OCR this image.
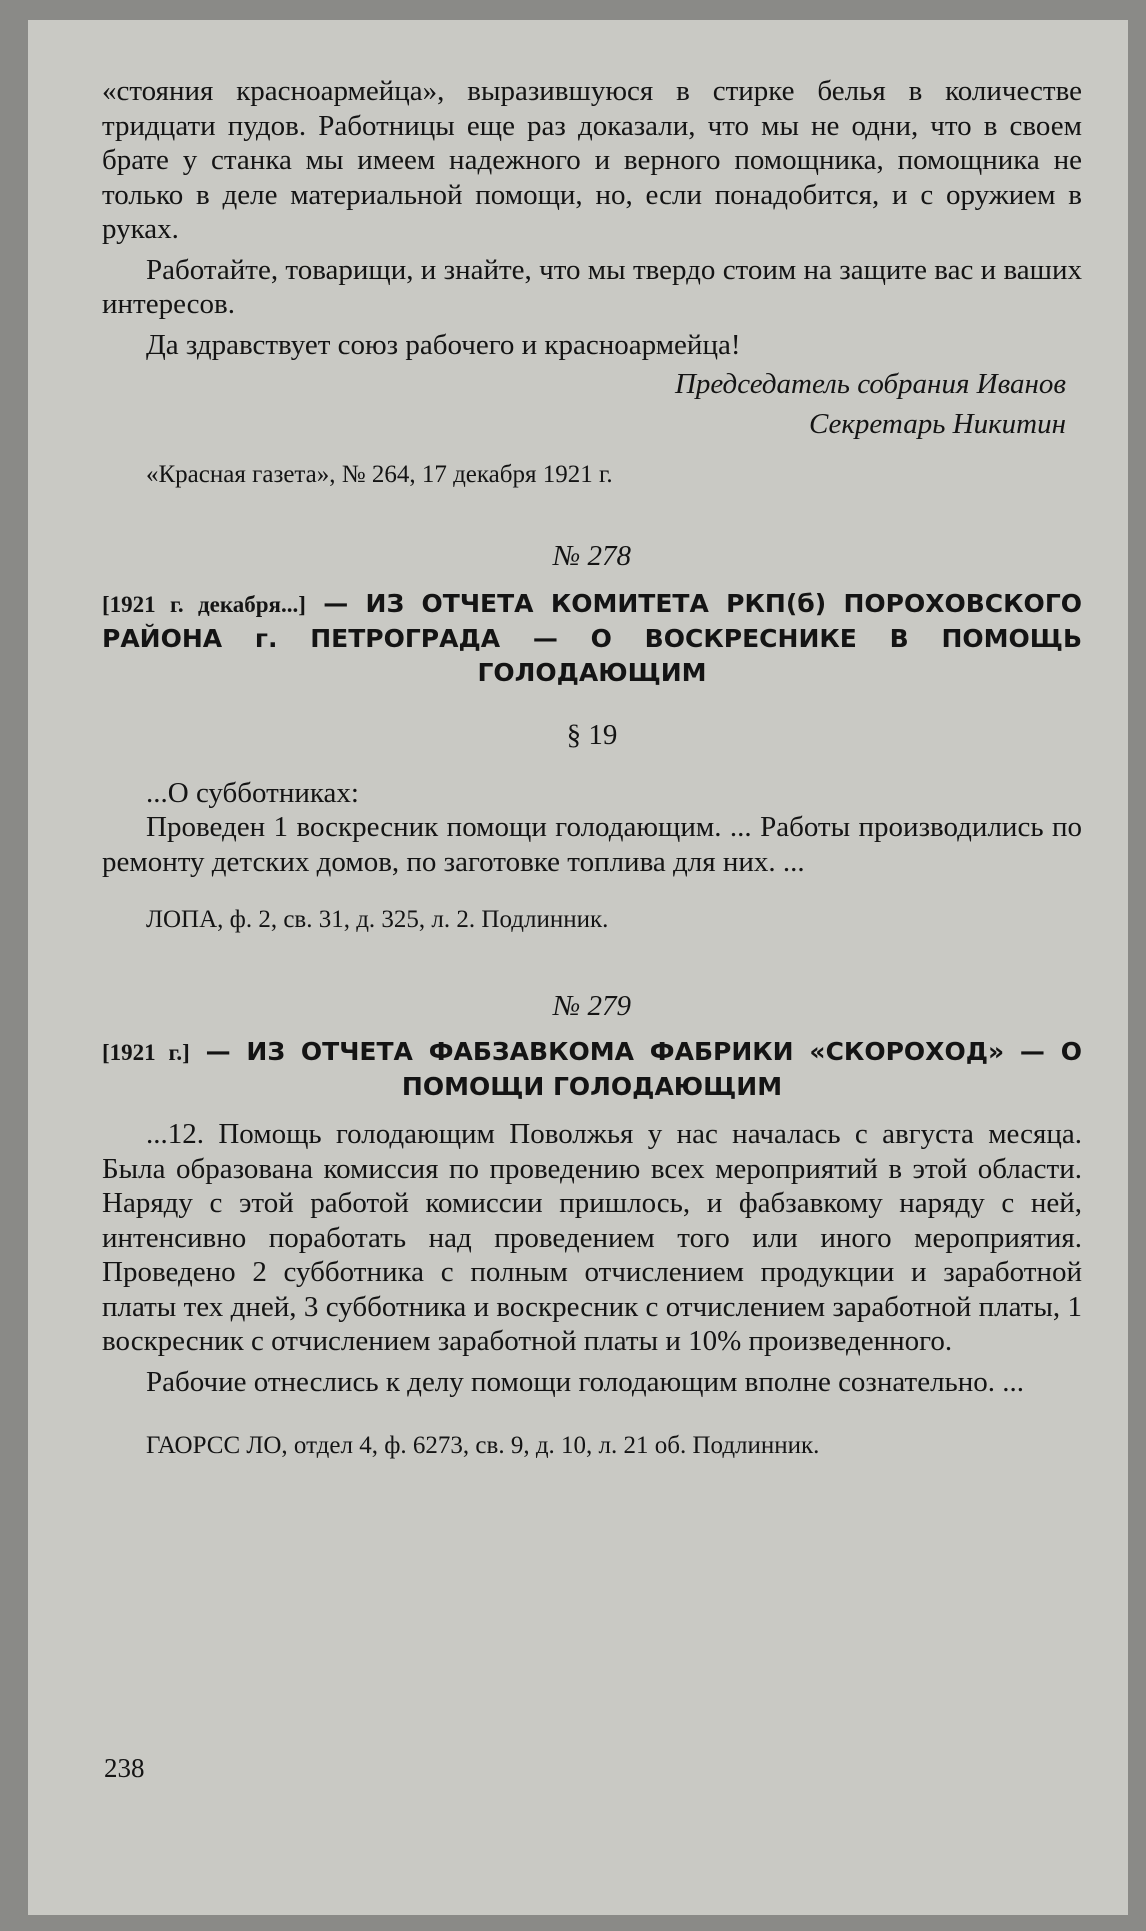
«стояния красноармейца», выразившуюся в стирке белья в количестве тридцати пудов. Работницы еще раз доказали, что мы не одни, что в своем брате у станка мы имеем надежного и верного помощника, помощника не только в деле материальной помощи, но, если понадобится, и с оружием в руках.

Работайте, товарищи, и знайте, что мы твердо стоим на защите вас и ваших интересов.

Да здравствует союз рабочего и красноармейца!

Председатель собрания Иванов

Секретарь Никитин

«Красная газета», № 264, 17 декабря 1921 г.

№ 278

[1921 г. декабря...] — ИЗ ОТЧЕТА КОМИТЕТА РКП(б) ПОРОХОВСКОГО РАЙОНА г. ПЕТРОГРАДА — О ВОСКРЕСНИКЕ В ПОМОЩЬ ГОЛОДАЮЩИМ

§ 19

...О субботниках:

Проведен 1 воскресник помощи голодающим. ... Работы производились по ремонту детских домов, по заготовке топлива для них. ...

ЛОПА, ф. 2, св. 31, д. 325, л. 2. Подлинник.

№ 279

[1921 г.] — ИЗ ОТЧЕТА ФАБЗАВКОМА ФАБРИКИ «СКОРОХОД» — О ПОМОЩИ ГОЛОДАЮЩИМ

...12. Помощь голодающим Поволжья у нас началась с августа месяца. Была образована комиссия по проведению всех мероприятий в этой области. Наряду с этой работой комиссии пришлось, и фабзавкому наряду с ней, интенсивно поработать над проведением того или иного мероприятия. Проведено 2 субботника с полным отчислением продукции и заработной платы тех дней, 3 субботника и воскресник с отчислением заработной платы, 1 воскресник с отчислением заработной платы и 10% произведенного.

Рабочие отнеслись к делу помощи голодающим вполне сознательно. ...

ГАОРСС ЛО, отдел 4, ф. 6273, св. 9, д. 10, л. 21 об. Подлинник.

238
